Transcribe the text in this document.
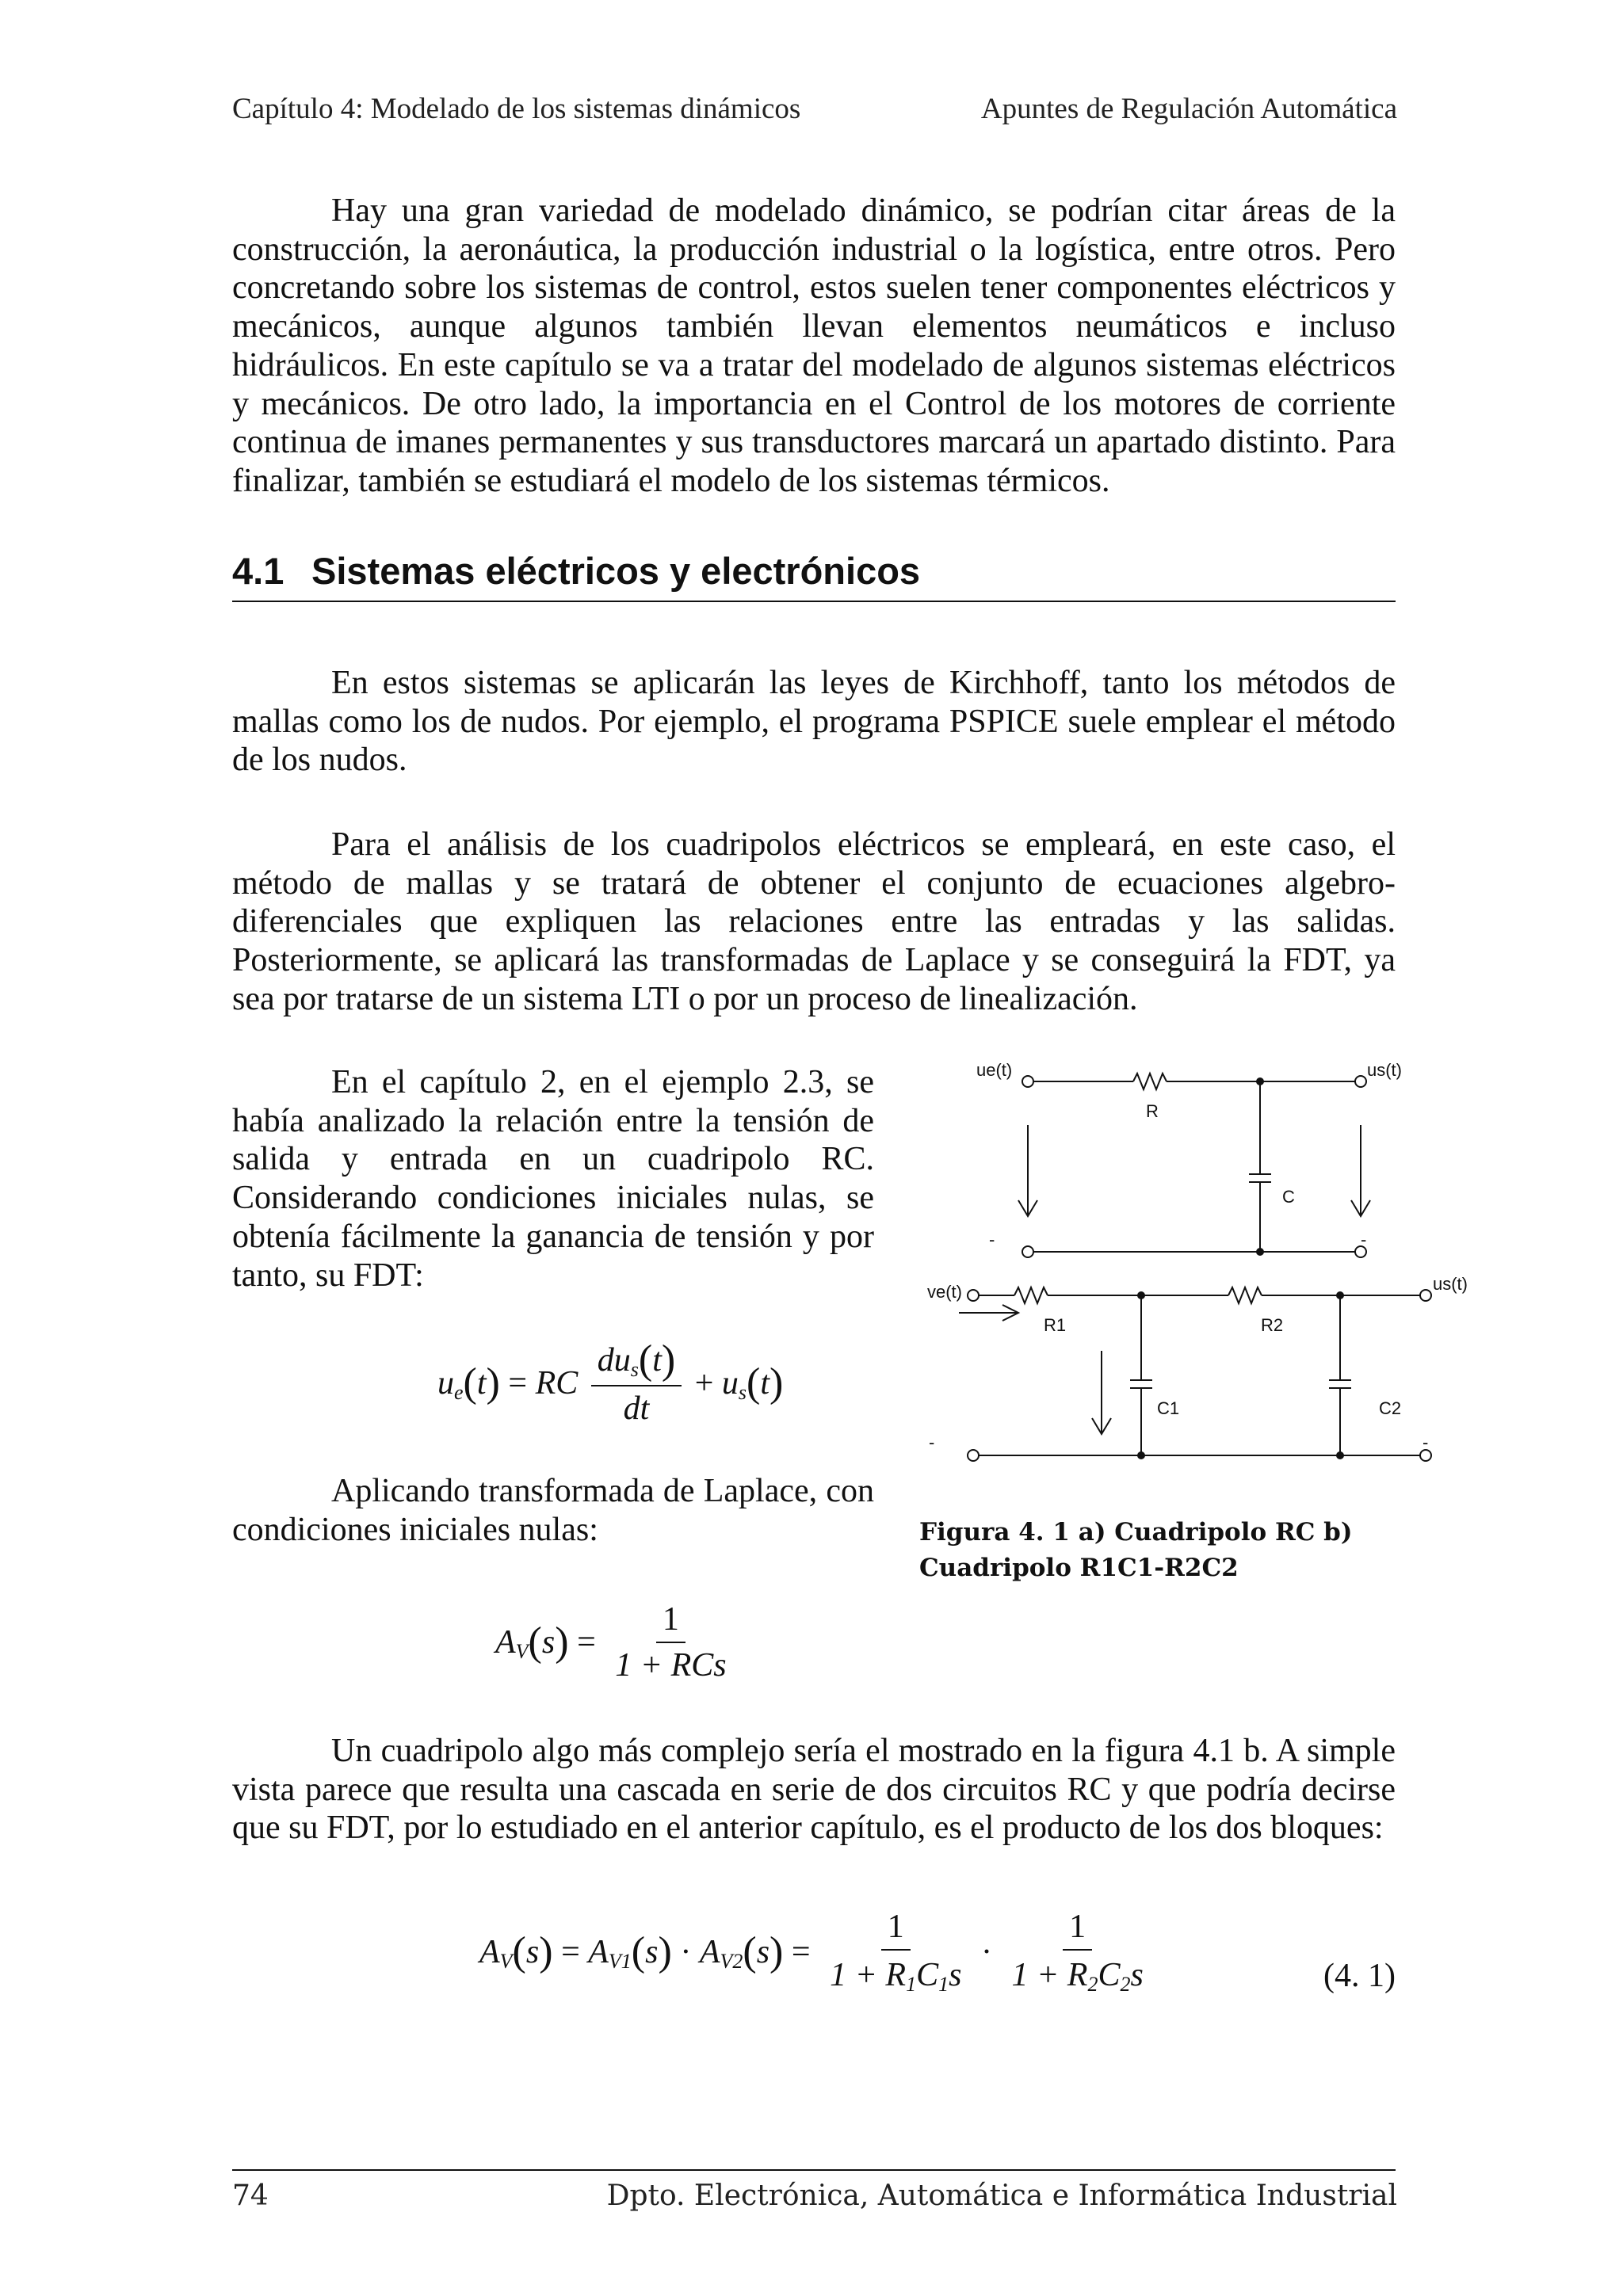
Capítulo 4: Modelado de los sistemas dinámicos	Apuntes de Regulación Automática

Hay una gran variedad de modelado dinámico, se podrían citar áreas de la construcción, la aeronáutica, la producción industrial o la logística, entre otros. Pero concretando sobre los sistemas de control, estos suelen tener componentes eléctricos y mecánicos, aunque algunos también llevan elementos neumáticos e incluso hidráulicos. En este capítulo se va a tratar del modelado de algunos sistemas eléctricos y mecánicos. De otro lado, la importancia en el Control de los motores de corriente continua de imanes permanentes y sus transductores marcará un apartado distinto. Para finalizar, también se estudiará el modelo de los sistemas térmicos.

4.1 Sistemas eléctricos y electrónicos

En estos sistemas se aplicarán las leyes de Kirchhoff, tanto los métodos de mallas como los de nudos. Por ejemplo, el programa PSPICE suele emplear el método de los nudos.

Para el análisis de los cuadripolos eléctricos se empleará, en este caso, el método de mallas y se tratará de obtener el conjunto de ecuaciones algebro-diferenciales que expliquen las relaciones entre las entradas y las salidas. Posteriormente, se aplicará las transformadas de Laplace y se conseguirá la FDT, ya sea por tratarse de un sistema LTI o por un proceso de linealización.

En el capítulo 2, en el ejemplo 2.3, se había analizado la relación entre la tensión de salida y entrada en un cuadripolo RC. Considerando condiciones iniciales nulas, se obtenía fácilmente la ganancia de tensión y por tanto, su FDT:

ue(t) = RC $\frac{\text{dus(t)}}{dt} + us(t)$

Aplicando transformada de Laplace, con condiciones iniciales nulas:

$AV(s) = \frac{1}{\text{1 + RCs}}$
ue(t)	us(t)
R
C
-	-
ve(t)	us(t)
R1	R2
C1	C2
-	-
Figura 4. 1 a) Cuadripolo RC b) Cuadripolo R1C1-R2C2

Un cuadripolo algo más complejo sería el mostrado en la figura 4.1 b. A simple vista parece que resulta una cascada en serie de dos circuitos RC y que podría decirse que su FDT, por lo estudiado en el anterior capítulo, es el producto de los dos bloques:

$AV(s) = AV1(s) \cdot AV2(s) = \frac{1}{1 + R1C1s} \cdot \frac{1}{1 + R2C2s}$	(4. 1)
74	Dpto. Electrónica, Automática e Informática Industrial
